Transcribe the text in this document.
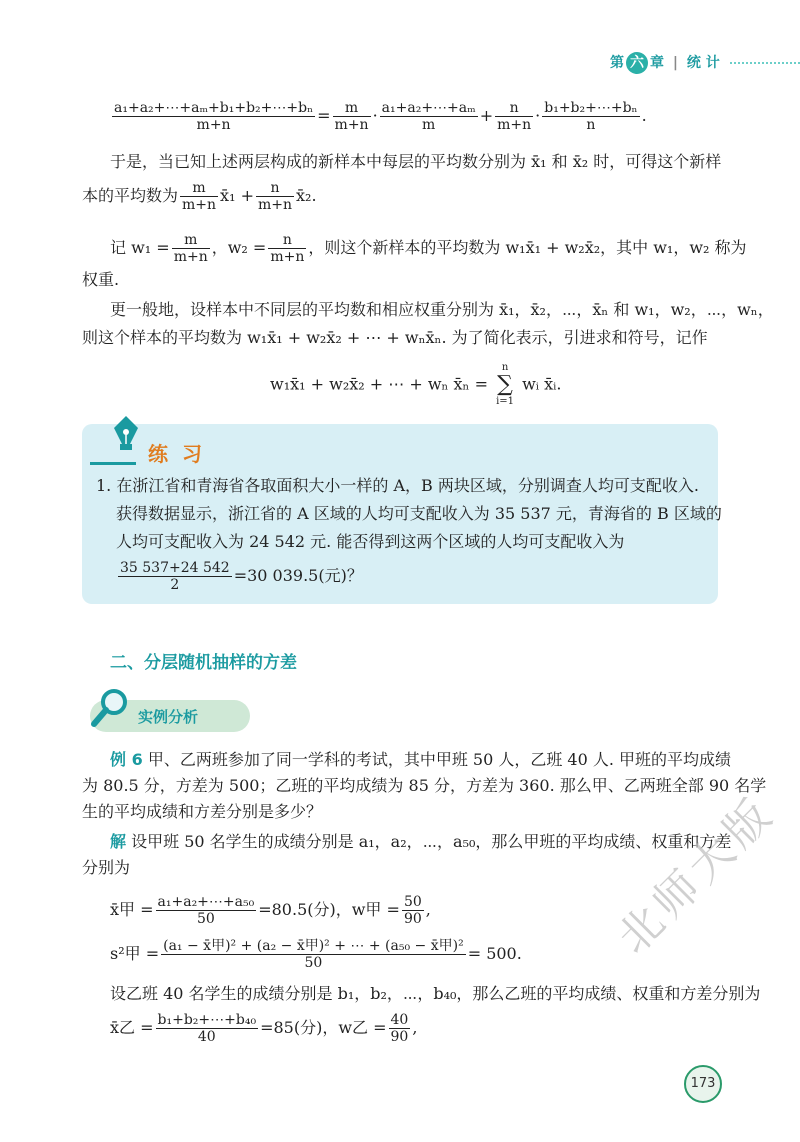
第 六 章 | 统 计
$\frac{\text{a₁+a₂+⋯+aₘ+b₁+b₂+⋯+bₙ}}{m+n} = \frac{m}{m+n} \cdot \frac{\text{a₁+a₂+⋯+aₘ}}{m} + \frac{n}{m+n} \cdot \frac{\text{b₁+b₂+⋯+bₙ}}{n}$ .
于是，当已知上述两层构成的新样本中每层的平均数分别为 x̄₁ 和 x̄₂ 时，可得这个新样
本的平均数为 $\frac{m}{m+n}$ x̄₁ + $\frac{n}{m+n}$ x̄₂.
记 $w_1 = \frac{m}{m+n}$ ，$w_2 = \frac{n}{m+n}$ ，则这个新样本的平均数为 w₁x̄₁ + w₂x̄₂，其中 w₁，w₂ 称为
权重.
更一般地，设样本中不同层的平均数和相应权重分别为 x̄₁，x̄₂，⋯，x̄ₙ 和 w₁，w₂，⋯，wₙ，
则这个样本的平均数为 w₁x̄₁ + w₂x̄₂ + ⋯ + wₙx̄ₙ. 为了简化表示，引进求和符号，记作
w₁x̄₁ + w₂x̄₂ + ⋯ + wₙ x̄ₙ =
n
∑
i=1
wᵢ x̄ᵢ.
练习
1. 在浙江省和青海省各取面积大小一样的 A，B 两块区域，分别调查人均可支配收入.
获得数据显示，浙江省的 A 区域的人均可支配收入为 35 537 元，青海省的 B 区域的
人均可支配收入为 24 542 元. 能否得到这两个区域的人均可支配收入为
$\frac{35 537+24 542}{2} =30$ 039.5(元)？
二、分层随机抽样的方差
实例分析
例 6 甲、乙两班参加了同一学科的考试，其中甲班 50 人，乙班 40 人. 甲班的平均成绩
为 80.5 分，方差为 500；乙班的平均成绩为 85 分，方差为 360. 那么甲、乙两班全部 90 名学
生的平均成绩和方差分别是多少？
解 设甲班 50 名学生的成绩分别是 a₁，a₂，⋯，a₅₀，那么甲班的平均成绩、权重和方差
分别为
x̄甲 = $\frac{\text{a₁+a₂+⋯+a₅₀}}{50} =80.5$(分)，w甲 = $\frac{50}{90}$ ,
s²甲 = $\frac{\text{(a₁ − x̄甲)² + (a₂ − x̄甲)² + ⋯ + (a₅₀ − x̄甲)²}}{50} = 500$.
设乙班 40 名学生的成绩分别是 b₁，b₂，⋯，b₄₀，那么乙班的平均成绩、权重和方差分别为
x̄乙 = $\frac{\text{b₁+b₂+⋯+b₄₀}}{40} =85$(分)，w乙 = $\frac{40}{90}$ ,
173
北师大版
